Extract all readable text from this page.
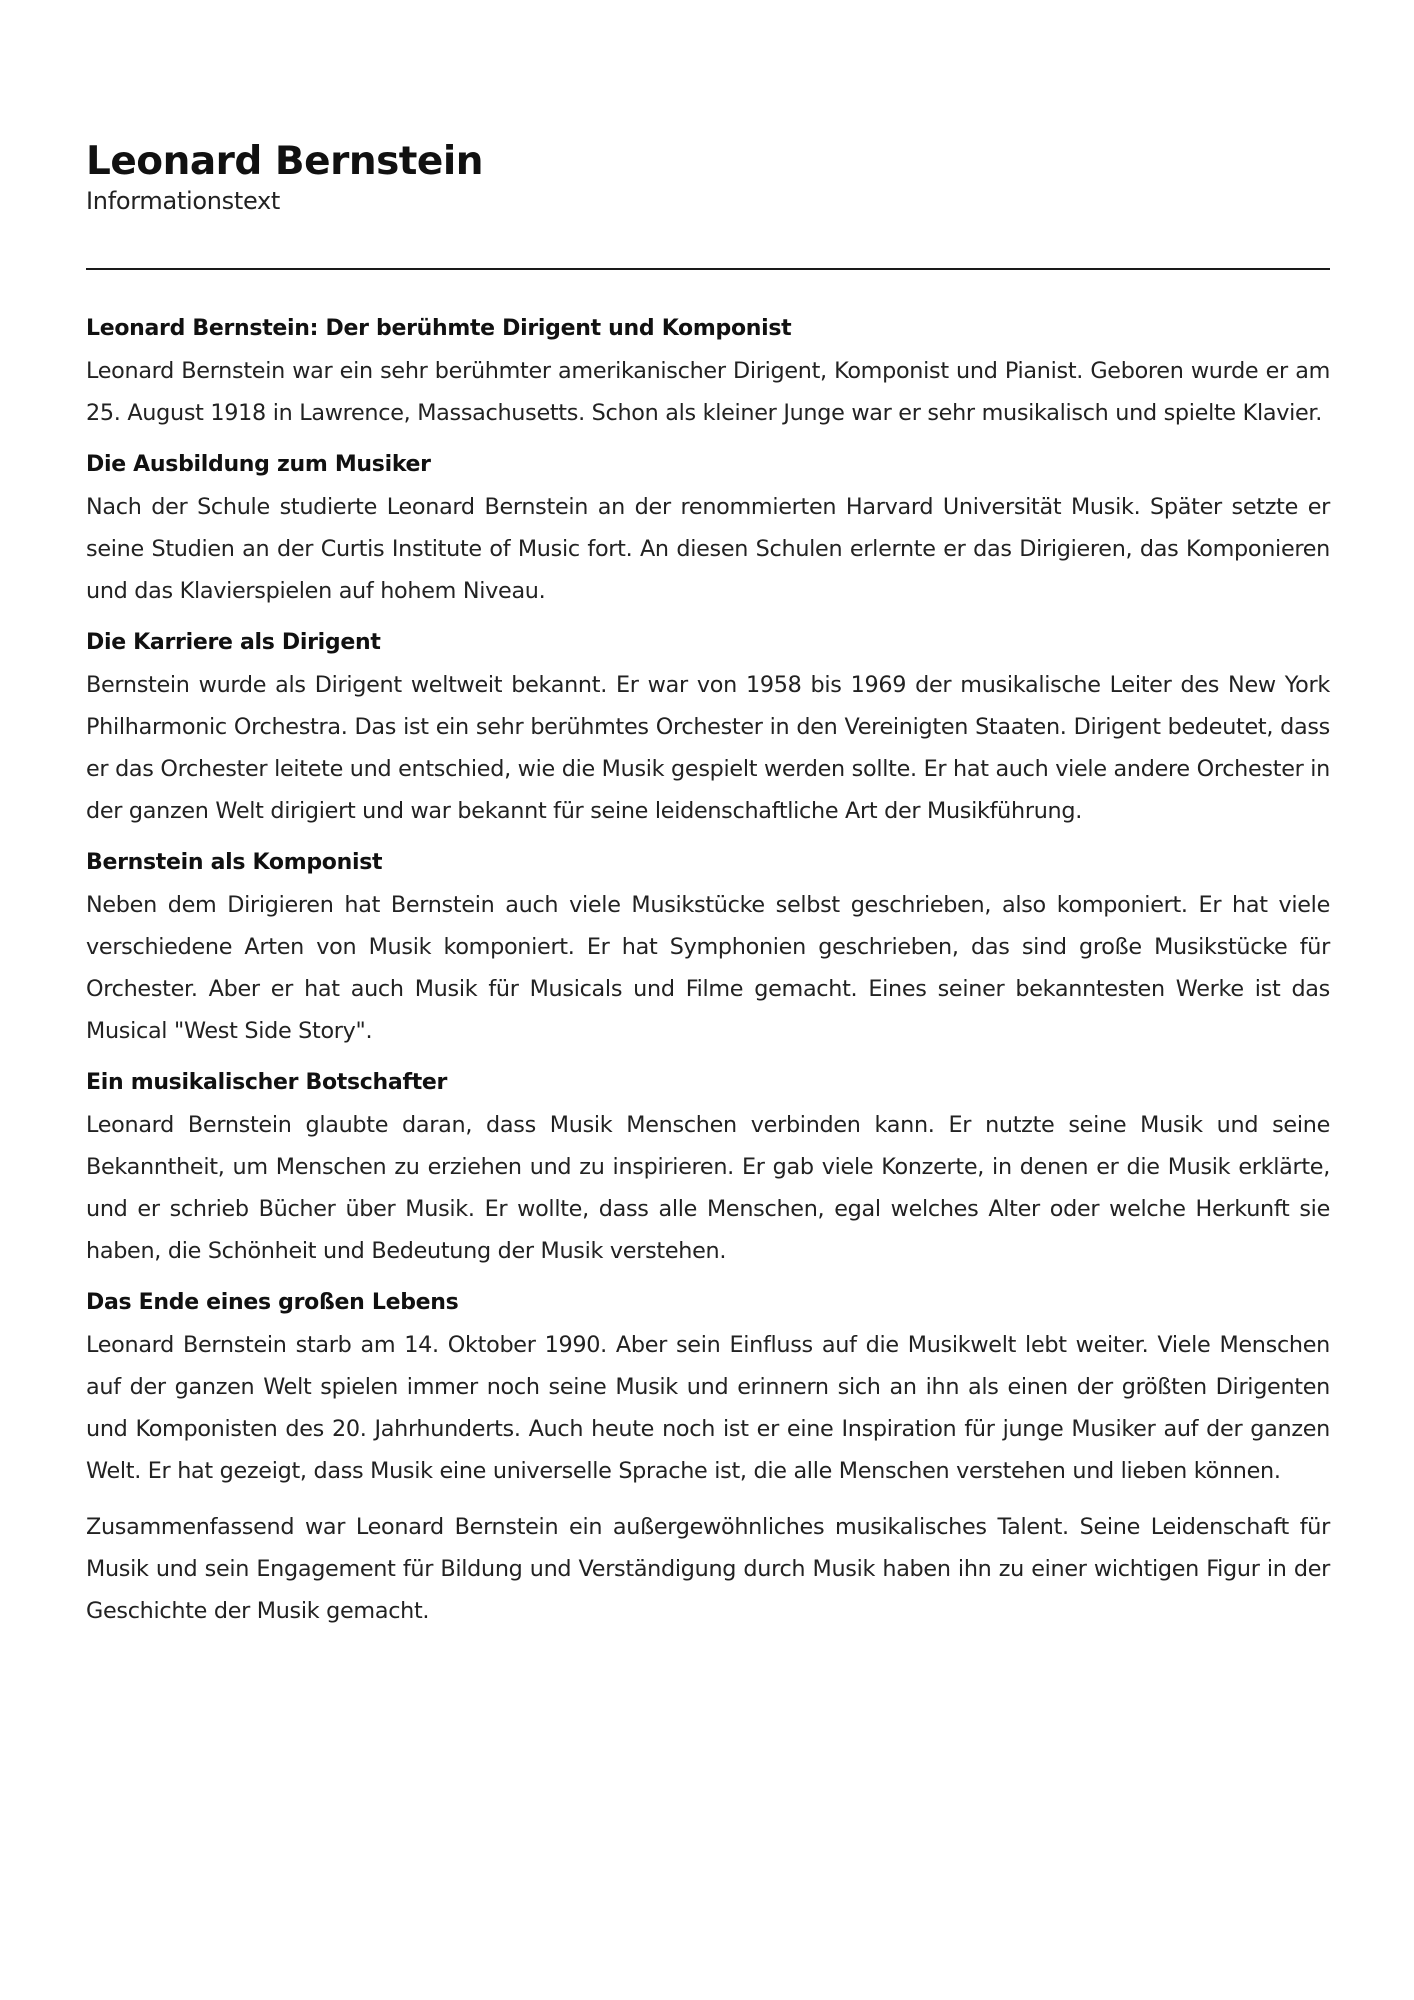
Leonard Bernstein

Informationstext

Leonard Bernstein: Der berühmte Dirigent und Komponist

Leonard Bernstein war ein sehr berühmter amerikanischer Dirigent, Komponist und Pianist. Geboren wurde er am 25. August 1918 in Lawrence, Massachusetts. Schon als kleiner Junge war er sehr musikalisch und spielte Klavier.

Die Ausbildung zum Musiker

Nach der Schule studierte Leonard Bernstein an der renommierten Harvard Universität Musik. Später setzte er seine Studien an der Curtis Institute of Music fort. An diesen Schulen erlernte er das Dirigieren, das Komponieren und das Klavierspielen auf hohem Niveau.

Die Karriere als Dirigent

Bernstein wurde als Dirigent weltweit bekannt. Er war von 1958 bis 1969 der musikalische Leiter des New York Philharmonic Orchestra. Das ist ein sehr berühmtes Orchester in den Vereinigten Staaten. Dirigent bedeutet, dass er das Orchester leitete und entschied, wie die Musik gespielt werden sollte. Er hat auch viele andere Orchester in der ganzen Welt dirigiert und war bekannt für seine leidenschaftliche Art der Musikführung.

Bernstein als Komponist

Neben dem Dirigieren hat Bernstein auch viele Musikstücke selbst geschrieben, also komponiert. Er hat viele verschiedene Arten von Musik komponiert. Er hat Symphonien geschrieben, das sind große Musikstücke für Orchester. Aber er hat auch Musik für Musicals und Filme gemacht. Eines seiner bekanntesten Werke ist das Musical "West Side Story".

Ein musikalischer Botschafter

Leonard Bernstein glaubte daran, dass Musik Menschen verbinden kann. Er nutzte seine Musik und seine Bekanntheit, um Menschen zu erziehen und zu inspirieren. Er gab viele Konzerte, in denen er die Musik erklärte, und er schrieb Bücher über Musik. Er wollte, dass alle Menschen, egal welches Alter oder welche Herkunft sie haben, die Schönheit und Bedeutung der Musik verstehen.

Das Ende eines großen Lebens

Leonard Bernstein starb am 14. Oktober 1990. Aber sein Einfluss auf die Musikwelt lebt weiter. Viele Menschen auf der ganzen Welt spielen immer noch seine Musik und erinnern sich an ihn als einen der größten Dirigenten und Komponisten des 20. Jahrhunderts. Auch heute noch ist er eine Inspiration für junge Musiker auf der ganzen Welt. Er hat gezeigt, dass Musik eine universelle Sprache ist, die alle Menschen verstehen und lieben können.

Zusammenfassend war Leonard Bernstein ein außergewöhnliches musikalisches Talent. Seine Leidenschaft für Musik und sein Engagement für Bildung und Verständigung durch Musik haben ihn zu einer wichtigen Figur in der Geschichte der Musik gemacht.
